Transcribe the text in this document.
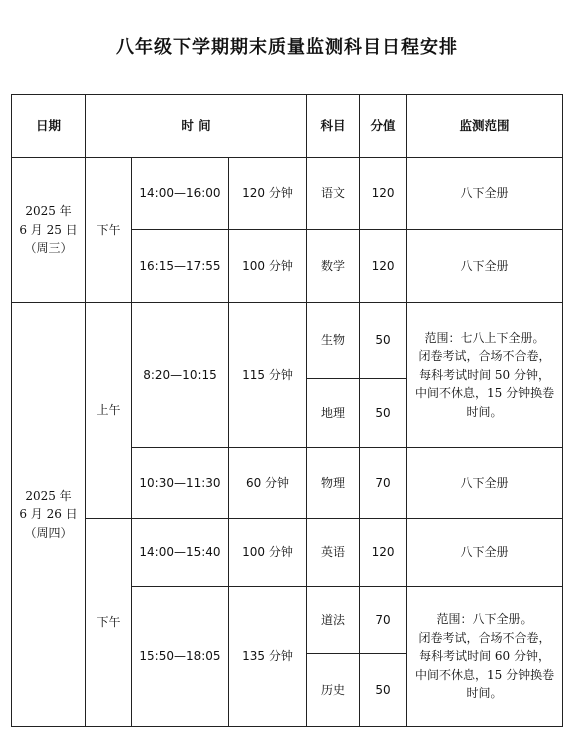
八年级下学期期末质量监测科目日程安排
日期	时 间			科目	分值	监测范围

2025 年
6 月 25 日
（周三）	下午	14:00—16:00	120 分钟	语文	120	八下全册
		16:15—17:55	100 分钟	数学	120	八下全册

2025 年
6 月 26 日
（周四）	上午	8:20—10:15	115 分钟	生物	50	范围：七八上下全册。
闭卷考试，合场不合卷，
每科考试时间 50 分钟，
中间不休息，15 分钟换卷
时间。

				地理	50	
		10:30—11:30	60 分钟	物理	70	八下全册
	下午	14:00—15:40	100 分钟	英语	120	八下全册
		15:50—18:05	135 分钟	道法	70	范围：八下全册。
闭卷考试，合场不合卷，
每科考试时间 60 分钟，
中间不休息，15 分钟换卷
时间。

				历史	50	
